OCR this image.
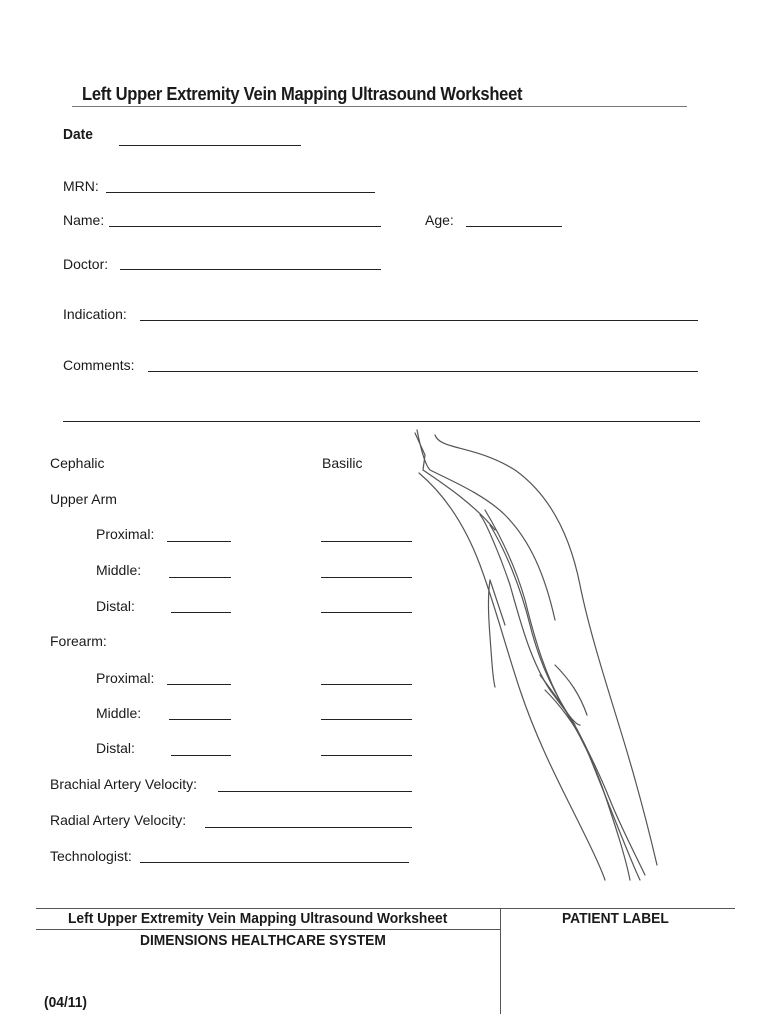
Left Upper Extremity Vein Mapping Ultrasound Worksheet
Date
MRN:
Name:	Age:
Doctor:
Indication:
Comments:
Cephalic	Basilic
Upper Arm
Proximal:
Middle:
Distal:
Forearm:
Proximal:
Middle:
Distal:
Brachial Artery Velocity:
Radial Artery Velocity:
Technologist:
Left Upper Extremity Vein Mapping Ultrasound Worksheet
DIMENSIONS HEALTHCARE SYSTEM
PATIENT LABEL
(04/11)
